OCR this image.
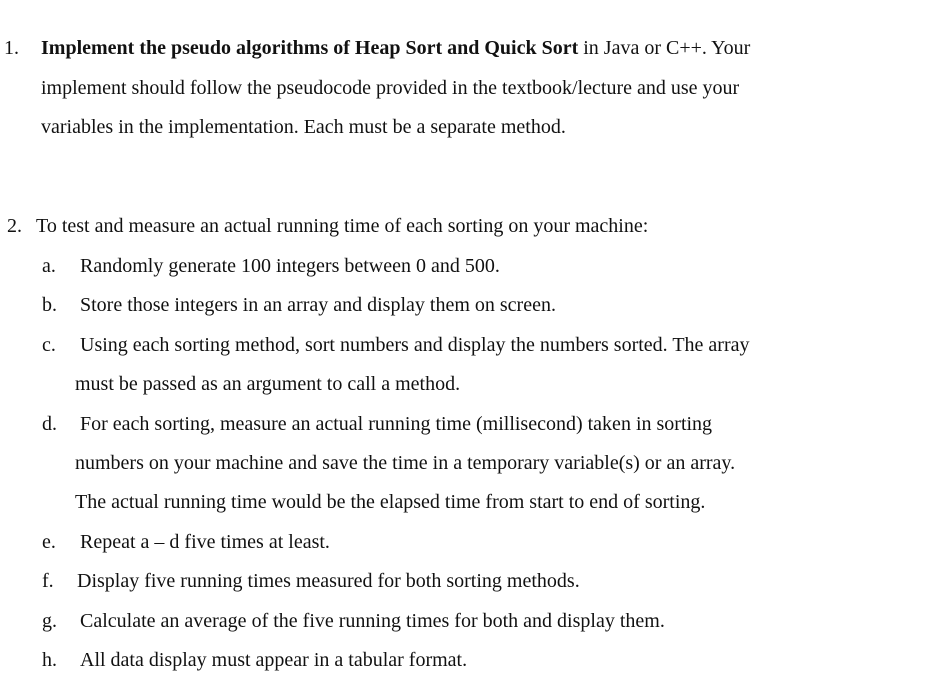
1. Implement the pseudo algorithms of Heap Sort and Quick Sort in Java or C++. Your
implement should follow the pseudocode provided in the textbook/lecture and use your
variables in the implementation. Each must be a separate method.
2. To test and measure an actual running time of each sorting on your machine:
a. Randomly generate 100 integers between 0 and 500.
b. Store those integers in an array and display them on screen.
c. Using each sorting method, sort numbers and display the numbers sorted. The array
must be passed as an argument to call a method.
d. For each sorting, measure an actual running time (millisecond) taken in sorting
numbers on your machine and save the time in a temporary variable(s) or an array.
The actual running time would be the elapsed time from start to end of sorting.
e. Repeat a – d five times at least.
f. Display five running times measured for both sorting methods.
g. Calculate an average of the five running times for both and display them.
h. All data display must appear in a tabular format.
